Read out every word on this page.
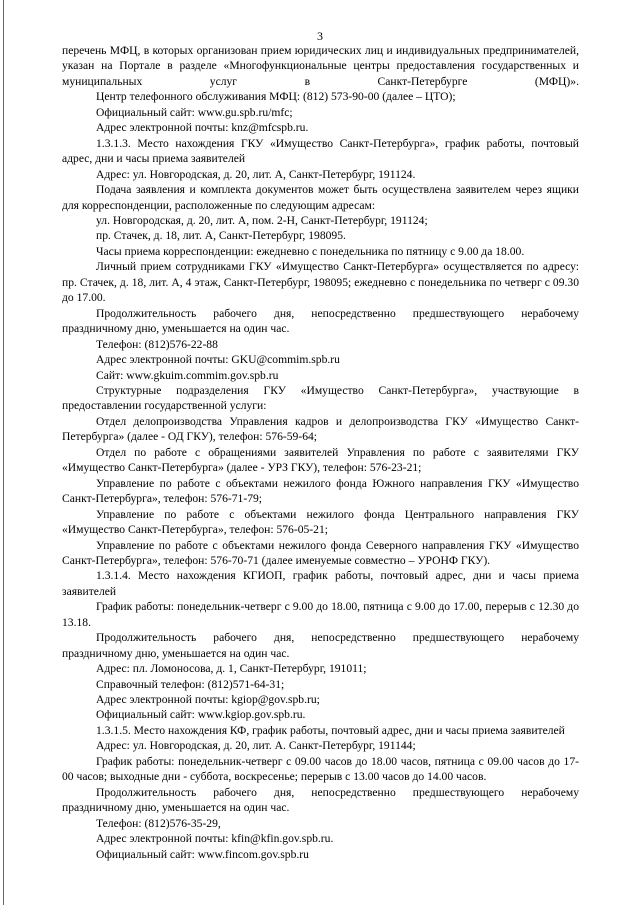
3

перечень МФЦ, в которых организован прием юридических лиц и индивидуальных предпринимателей, указан на Портале в разделе «Многофункциональные центры предоставления государственных и муниципальных услуг в Санкт-Петербурге (МФЦ)».

Центр телефонного обслуживания МФЦ: (812) 573-90-00 (далее – ЦТО);

Официальный сайт: www.gu.spb.ru/mfc;

Адрес электронной почты: knz@mfcspb.ru.

1.3.1.3. Место нахождения ГКУ «Имущество Санкт-Петербурга», график работы, почтовый адрес, дни и часы приема заявителей

Адрес: ул. Новгородская, д. 20, лит. А, Санкт-Петербург, 191124.

Подача заявления и комплекта документов может быть осуществлена заявителем через ящики для корреспонденции, расположенные по следующим адресам:

ул. Новгородская, д. 20, лит. А, пом. 2-Н, Санкт-Петербург, 191124;

пр. Стачек, д. 18, лит. А, Санкт-Петербург, 198095.

Часы приема корреспонденции: ежедневно с понедельника по пятницу с 9.00 да 18.00.

Личный прием сотрудниками ГКУ «Имущество Санкт-Петербурга» осуществляется по адресу: пр. Стачек, д. 18, лит. А, 4 этаж, Санкт-Петербург, 198095; ежедневно с понедельника по четверг с 09.30 до 17.00.

Продолжительность рабочего дня, непосредственно предшествующего нерабочему праздничному дню, уменьшается на один час.

Телефон: (812)576-22-88

Адрес электронной почты: GKU@commim.spb.ru

Сайт: www.gkuim.commim.gov.spb.ru

Структурные подразделения ГКУ «Имущество Санкт-Петербурга», участвующие в предоставлении государственной услуги:

Отдел делопроизводства Управления кадров и делопроизводства ГКУ «Имущество Санкт-Петербурга» (далее - ОД ГКУ), телефон: 576-59-64;

Отдел по работе с обращениями заявителей Управления по работе с заявителями ГКУ «Имущество Санкт-Петербурга» (далее - УРЗ ГКУ), телефон: 576-23-21;

Управление по работе с объектами нежилого фонда Южного направления ГКУ «Имущество Санкт-Петербурга», телефон: 576-71-79;

Управление по работе с объектами нежилого фонда Центрального направления ГКУ «Имущество Санкт-Петербурга», телефон: 576-05-21;

Управление по работе с объектами нежилого фонда Северного направления ГКУ «Имущество Санкт-Петербурга», телефон: 576-70-71 (далее именуемые совместно – УРОНФ ГКУ).

1.3.1.4. Место нахождения КГИОП, график работы, почтовый адрес, дни и часы приема заявителей

График работы: понедельник-четверг с 9.00 до 18.00, пятница с 9.00 до 17.00, перерыв с 12.30 до 13.18.

Продолжительность рабочего дня, непосредственно предшествующего нерабочему праздничному дню, уменьшается на один час.

Адрес: пл. Ломоносова, д. 1, Санкт-Петербург, 191011;

Справочный телефон: (812)571-64-31;

Адрес электронной почты: kgiop@gov.spb.ru;

Официальный сайт: www.kgiop.gov.spb.ru.

1.3.1.5. Место нахождения КФ, график работы, почтовый адрес, дни и часы приема заявителей

Адрес: ул. Новгородская, д. 20, лит. А. Санкт-Петербург, 191144;

График работы: понедельник-четверг с 09.00 часов до 18.00 часов, пятница с 09.00 часов до 17-00 часов; выходные дни - суббота, воскресенье; перерыв с 13.00 часов до 14.00 часов.

Продолжительность рабочего дня, непосредственно предшествующего нерабочему праздничному дню, уменьшается на один час.

Телефон: (812)576-35-29,

Адрес электронной почты: kfin@kfin.gov.spb.ru.

Официальный сайт: www.fincom.gov.spb.ru
